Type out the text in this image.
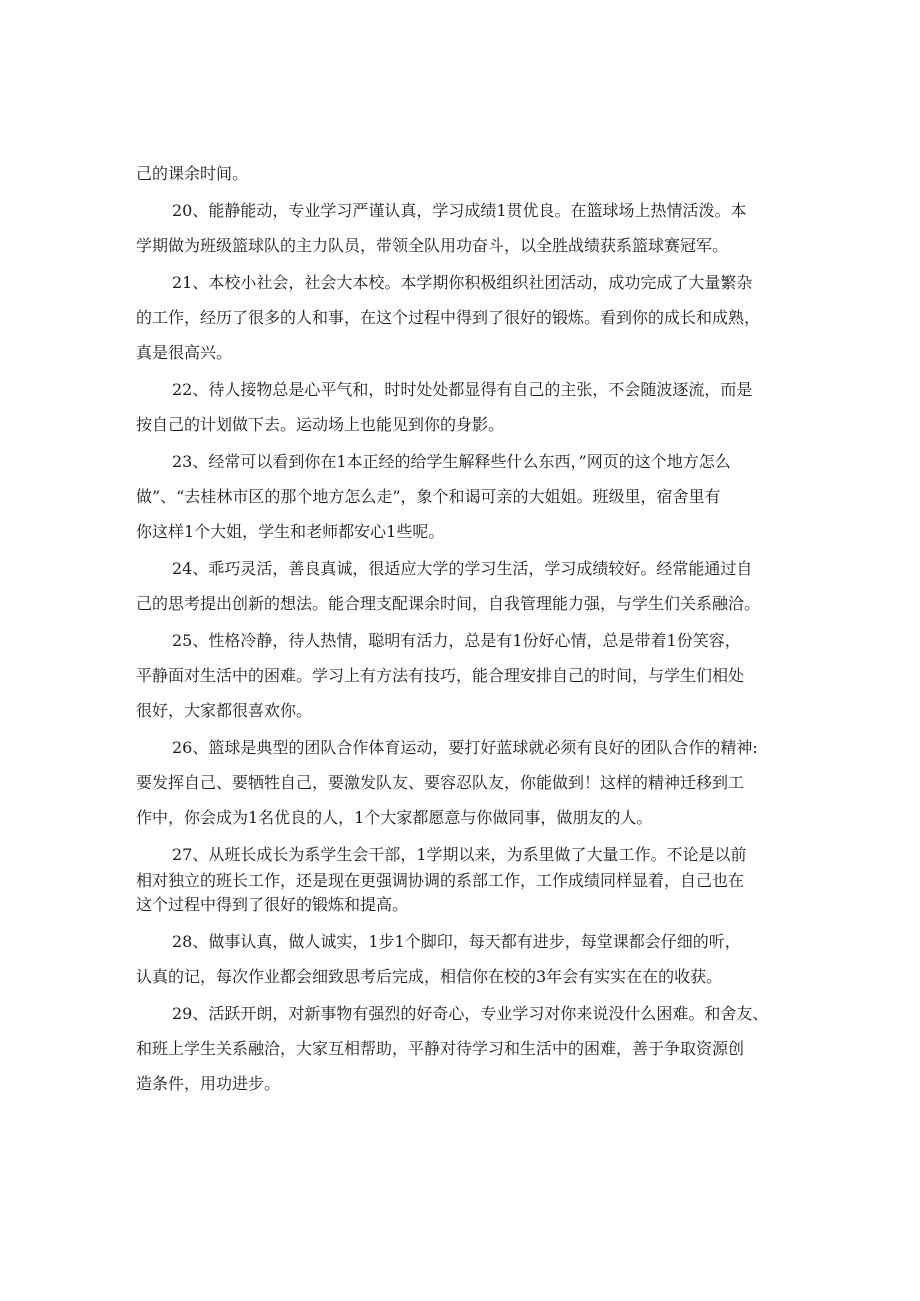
己的课余时间。
20、能静能动，专业学习严谨认真，学习成绩1贯优良。在篮球场上热情活泼。本
学期做为班级篮球队的主力队员，带领全队用功奋斗，以全胜战绩获系篮球赛冠军。
21、本校小社会，社会大本校。本学期你积极组织社团活动，成功完成了大量繁杂
的工作，经历了很多的人和事，在这个过程中得到了很好的锻炼。看到你的成长和成熟，
真是很高兴。
22、待人接物总是心平气和，时时处处都显得有自己的主张，不会随波逐流，而是
按自己的计划做下去。运动场上也能见到你的身影。
23、经常可以看到你在1本正经的给学生解释些什么东西，”网页的这个地方怎么
做”、“去桂林市区的那个地方怎么走”，象个和谒可亲的大姐姐。班级里，宿舍里有
你这样1个大姐，学生和老师都安心1些呢。
24、乖巧灵活，善良真诚，很适应大学的学习生活，学习成绩较好。经常能通过自
己的思考提出创新的想法。能合理支配课余时间，自我管理能力强，与学生们关系融洽。
25、性格冷静，待人热情，聪明有活力，总是有1份好心情，总是带着1份笑容，
平静面对生活中的困难。学习上有方法有技巧，能合理安排自己的时间，与学生们相处
很好，大家都很喜欢你。
26、篮球是典型的团队合作体育运动，要打好蓝球就必须有良好的团队合作的精神:
要发挥自己、要牺牲自己，要激发队友、要容忍队友，你能做到！这样的精神迁移到工
作中，你会成为1名优良的人，1个大家都愿意与你做同事，做朋友的人。
27、从班长成长为系学生会干部，1学期以来，为系里做了大量工作。不论是以前
相对独立的班长工作，还是现在更强调协调的系部工作，工作成绩同样显着，自己也在
这个过程中得到了很好的锻炼和提高。
28、做事认真，做人诚实，1步1个脚印，每天都有进步，每堂课都会仔细的听，
认真的记，每次作业都会细致思考后完成，相信你在校的3年会有实实在在的收获。
29、活跃开朗，对新事物有强烈的好奇心，专业学习对你来说没什么困难。和舍友、
和班上学生关系融洽，大家互相帮助，平静对待学习和生活中的困难，善于争取资源创
造条件，用功进步。
